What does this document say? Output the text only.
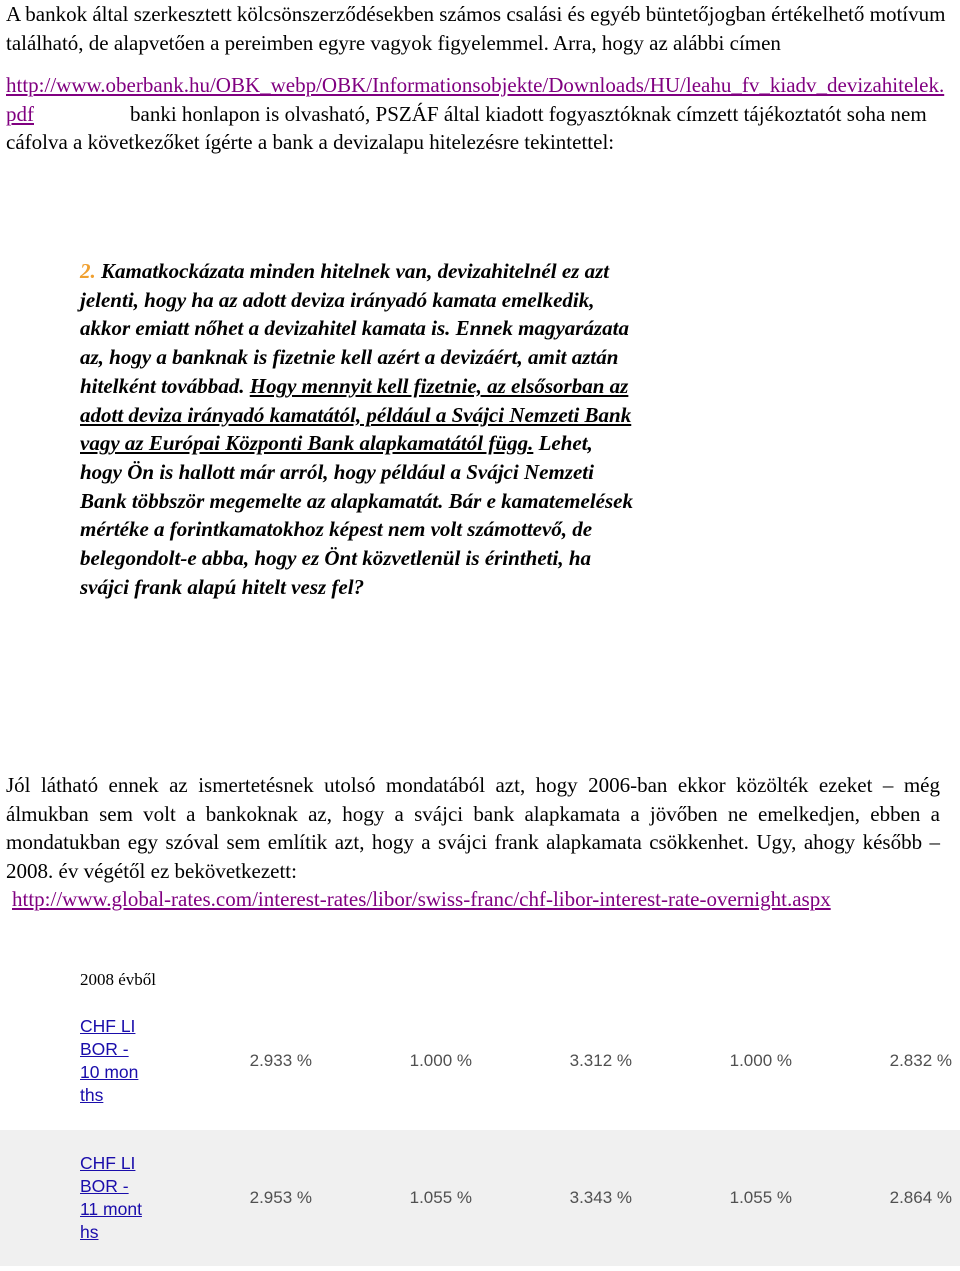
A bankok által szerkesztett kölcsönszerződésekben számos csalási és egyéb büntetőjogban értékelhető motívum található, de alapvetően a pereimben egyre vagyok figyelemmel. Arra, hogy az alábbi címen

http://www.oberbank.hu/OBK_webp/OBK/Informationsobjekte/Downloads/HU/leahu_fv_kiadv_devizahitelek.pdf	banki honlapon is olvasható, PSZÁF által kiadott fogyasztóknak címzett tájékoztatót soha nem cáfolva a következőket ígérte a bank a devizalapu hitelezésre tekintettel:
2. Kamatkockázata minden hitelnek van, devizahitelnél ez azt jelenti, hogy ha az adott deviza irányadó kamata emelkedik, akkor emiatt nőhet a devizahitel kamata is. Ennek magyarázata az, hogy a banknak is fizetnie kell azért a devizáért, amit aztán hitelként továbbad. Hogy mennyit kell fizetnie, az elsősorban az adott deviza irányadó kamatától, például a Svájci Nemzeti Bank vagy az Európai Központi Bank alapkamatától függ. Lehet, hogy Ön is hallott már arról, hogy például a Svájci Nemzeti Bank többször megemelte az alapkamatát. Bár e kamatemelések mértéke a forintkamatokhoz képest nem volt számottevő, de belegondolt-e abba, hogy ez Önt közvetlenül is érintheti, ha svájci frank alapú hitelt vesz fel?
Jól látható ennek az ismertetésnek utolsó mondatából azt, hogy 2006-ban ekkor közölték ezeket – még álmukban sem volt a bankoknak az, hogy a svájci bank alapkamata a jövőben ne emelkedjen, ebben a mondatukban egy szóval sem említik azt, hogy a svájci frank alapkamata csökkenhet. Ugy, ahogy később – 2008. év végétől ez bekövetkezett:
http://www.global-rates.com/interest-rates/libor/swiss-franc/chf-libor-interest-rate-overnight.aspx
2008 évből
CHF LIBOR - 10 months	2.933 %	1.000 %	3.312 %	1.000 %	2.832 %

CHF LIBOR - 11 months	2.953 %	1.055 %	3.343 %	1.055 %	2.864 %
